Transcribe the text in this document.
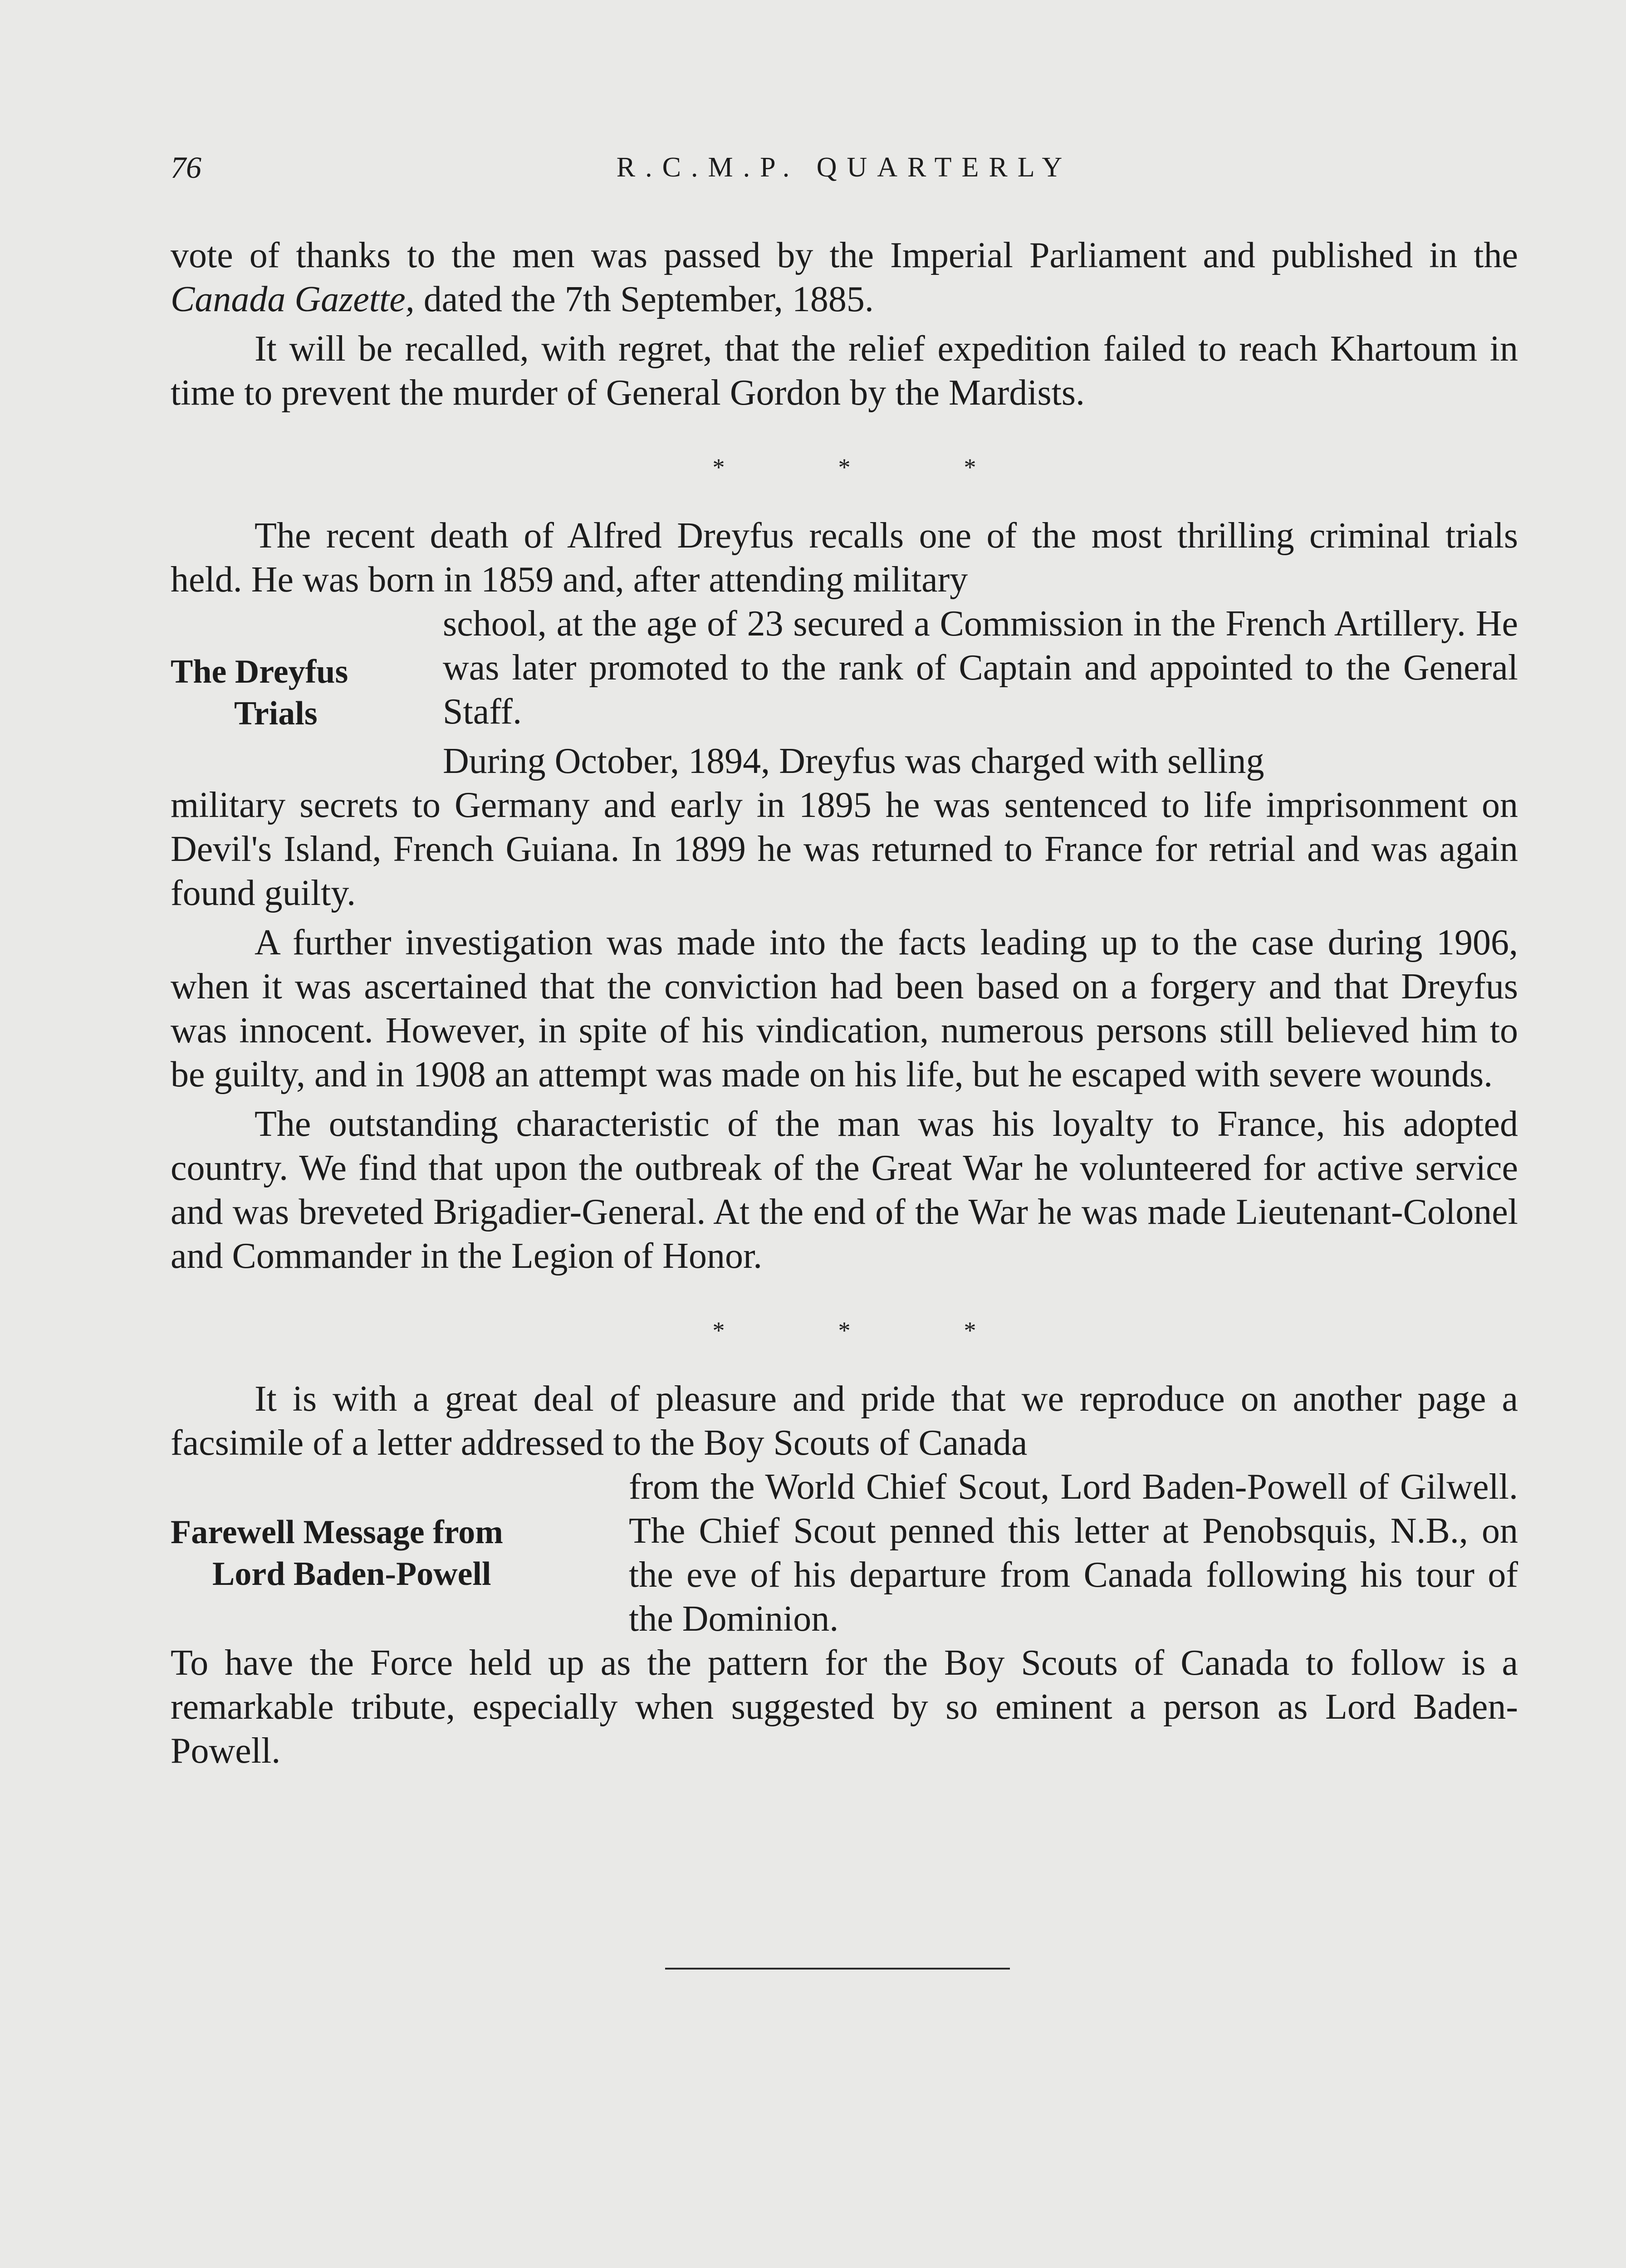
76	R.C.M.P. QUARTERLY

vote of thanks to the men was passed by the Imperial Parliament and published in the Canada Gazette, dated the 7th September, 1885.

It will be recalled, with regret, that the relief expedition failed to reach Khartoum in time to prevent the murder of General Gordon by the Mardists.

*	*	*

The recent death of Alfred Dreyfus recalls one of the most thrilling criminal trials held. He was born in 1859 and, after attending military

The Dreyfus
Trials
school, at the age of 23 secured a Commission in the French Artillery. He was later promoted to the rank of Captain and appointed to the General Staff.
During October, 1894, Dreyfus was charged with selling

military secrets to Germany and early in 1895 he was sentenced to life imprisonment on Devil's Island, French Guiana. In 1899 he was returned to France for retrial and was again found guilty.

A further investigation was made into the facts leading up to the case during 1906, when it was ascertained that the conviction had been based on a forgery and that Dreyfus was innocent. However, in spite of his vindication, numerous persons still believed him to be guilty, and in 1908 an attempt was made on his life, but he escaped with severe wounds.

The outstanding characteristic of the man was his loyalty to France, his adopted country. We find that upon the outbreak of the Great War he volunteered for active service and was breveted Brigadier-General. At the end of the War he was made Lieutenant-Colonel and Commander in the Legion of Honor.

*	*	*

It is with a great deal of pleasure and pride that we reproduce on another page a facsimile of a letter addressed to the Boy Scouts of Canada

Farewell Message from
Lord Baden-Powell
from the World Chief Scout, Lord Baden-Powell of Gilwell. The Chief Scout penned this letter at Penobsquis, N.B., on the eve of his departure from Canada following his tour of the Dominion.

To have the Force held up as the pattern for the Boy Scouts of Canada to follow is a remarkable tribute, especially when suggested by so eminent a person as Lord Baden-Powell.
